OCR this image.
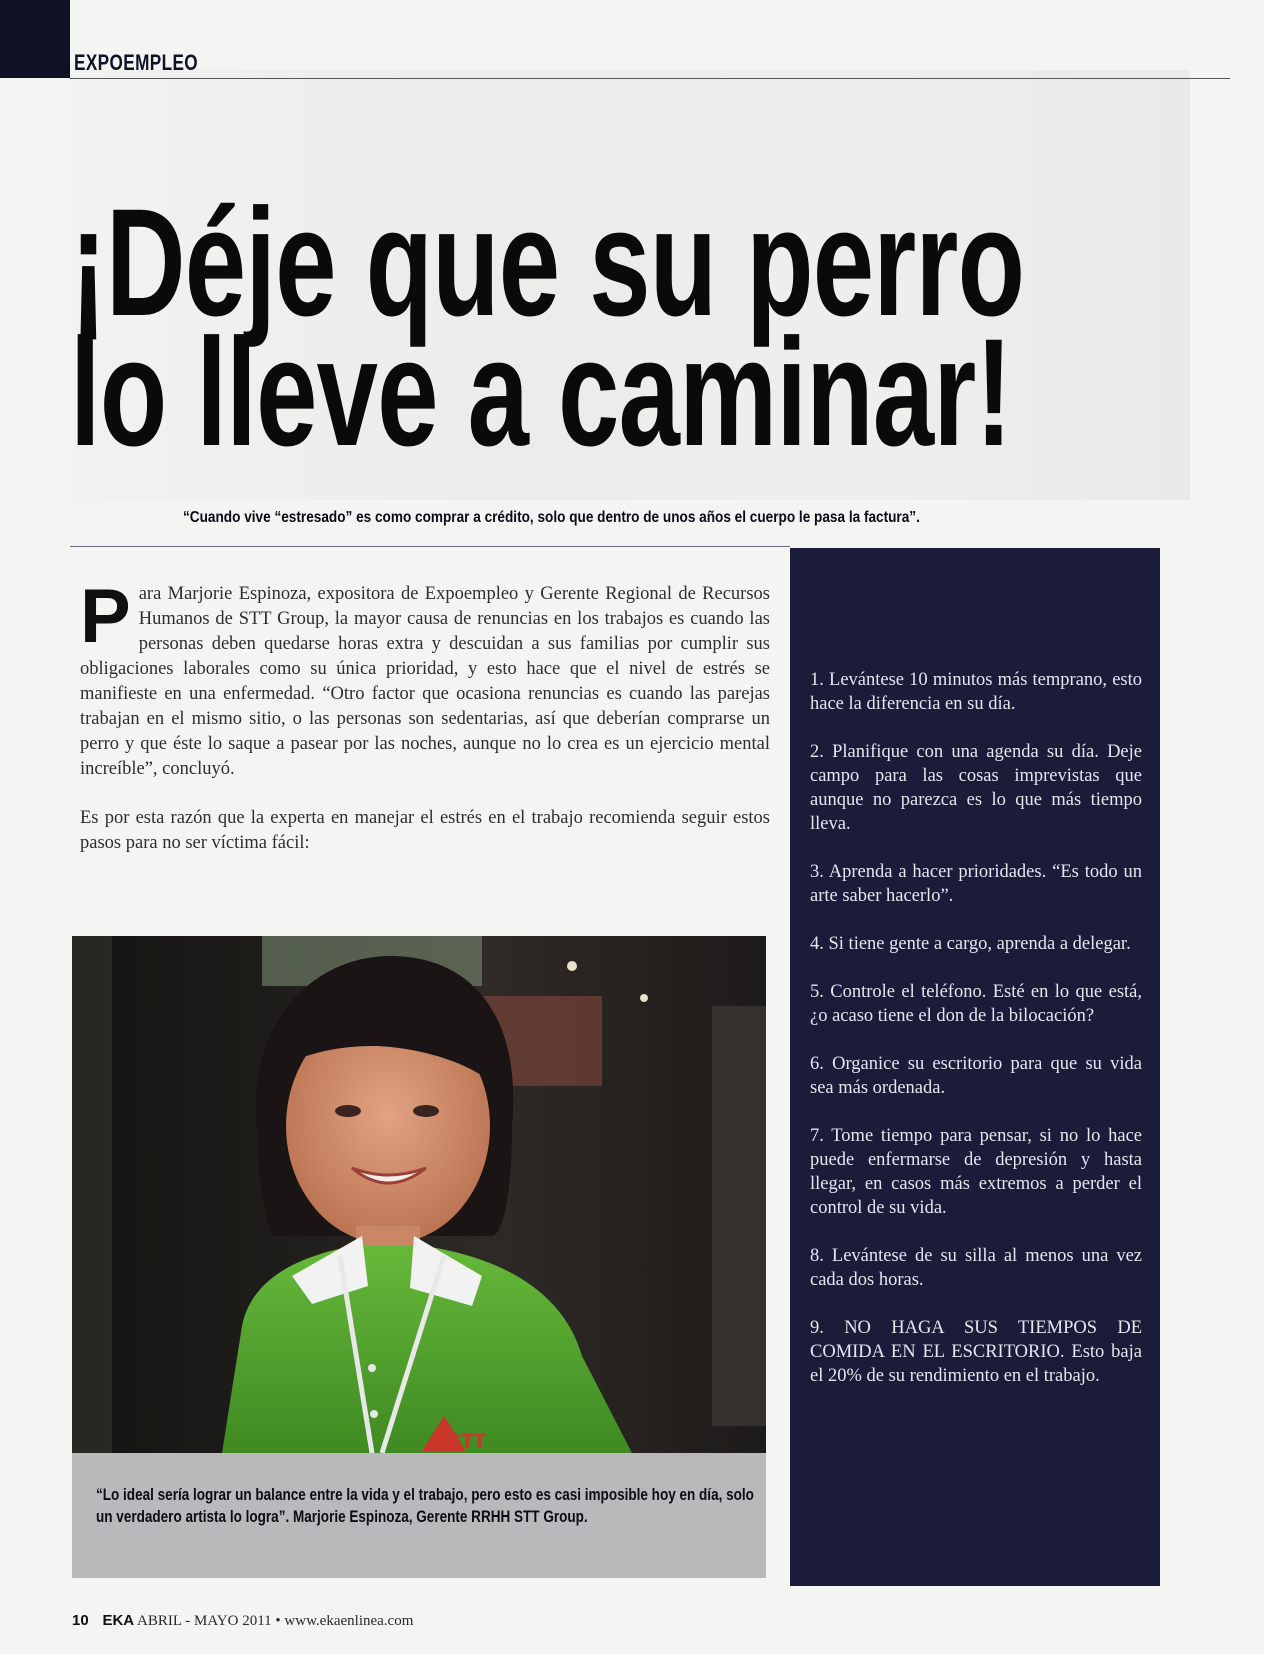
EXPOEMPLEO
¡Déje que su perro
lo lleve a caminar!
“Cuando vive “estresado” es como comprar a crédito, solo que dentro de unos años el cuerpo le pasa la factura”.

Para Marjorie Espinoza, expositora de Expoempleo y Gerente Regional de Recursos Humanos de STT Group, la mayor causa de renuncias en los trabajos es cuando las personas deben quedarse horas extra y descuidan a sus familias por cumplir sus obligaciones laborales como su única prioridad, y esto hace que el nivel de estrés se manifieste en una enfermedad. “Otro factor que ocasiona renuncias es cuando las parejas trabajan en el mismo sitio, o las personas son sedentarias, así que deberían comprarse un perro y que éste lo saque a pasear por las noches, aunque no lo crea es un ejercicio mental increíble”, concluyó.

Es por esta razón que la experta en manejar el estrés en el trabajo recomienda seguir estos pasos para no ser víctima fácil:

STT

“Lo ideal sería lograr un balance entre la vida y el trabajo, pero esto es casi imposible hoy en día, solo un verdadero artista lo logra”. Marjorie Espinoza, Gerente RRHH STT Group.

1. Levántese 10 minutos más temprano, esto hace la diferencia en su día.

2. Planifique con una agenda su día. Deje campo para las cosas imprevistas que aunque no parezca es lo que más tiempo lleva.

3. Aprenda a hacer prioridades. “Es todo un arte saber hacerlo”.

4. Si tiene gente a cargo, aprenda a delegar.

5. Controle el teléfono. Esté en lo que está, ¿o acaso tiene el don de la bilocación?

6. Organice su escritorio para que su vida sea más ordenada.

7. Tome tiempo para pensar, si no lo hace puede enfermarse de depresión y hasta llegar, en casos más extremos a perder el control de su vida.

8. Levántese de su silla al menos una vez cada dos horas.

9. NO HAGA SUS TIEMPOS DE COMIDA EN EL ESCRITORIO. Esto baja el 20% de su rendimiento en el trabajo.

10 EKA ABRIL - MAYO 2011 • www.ekaenlinea.com
